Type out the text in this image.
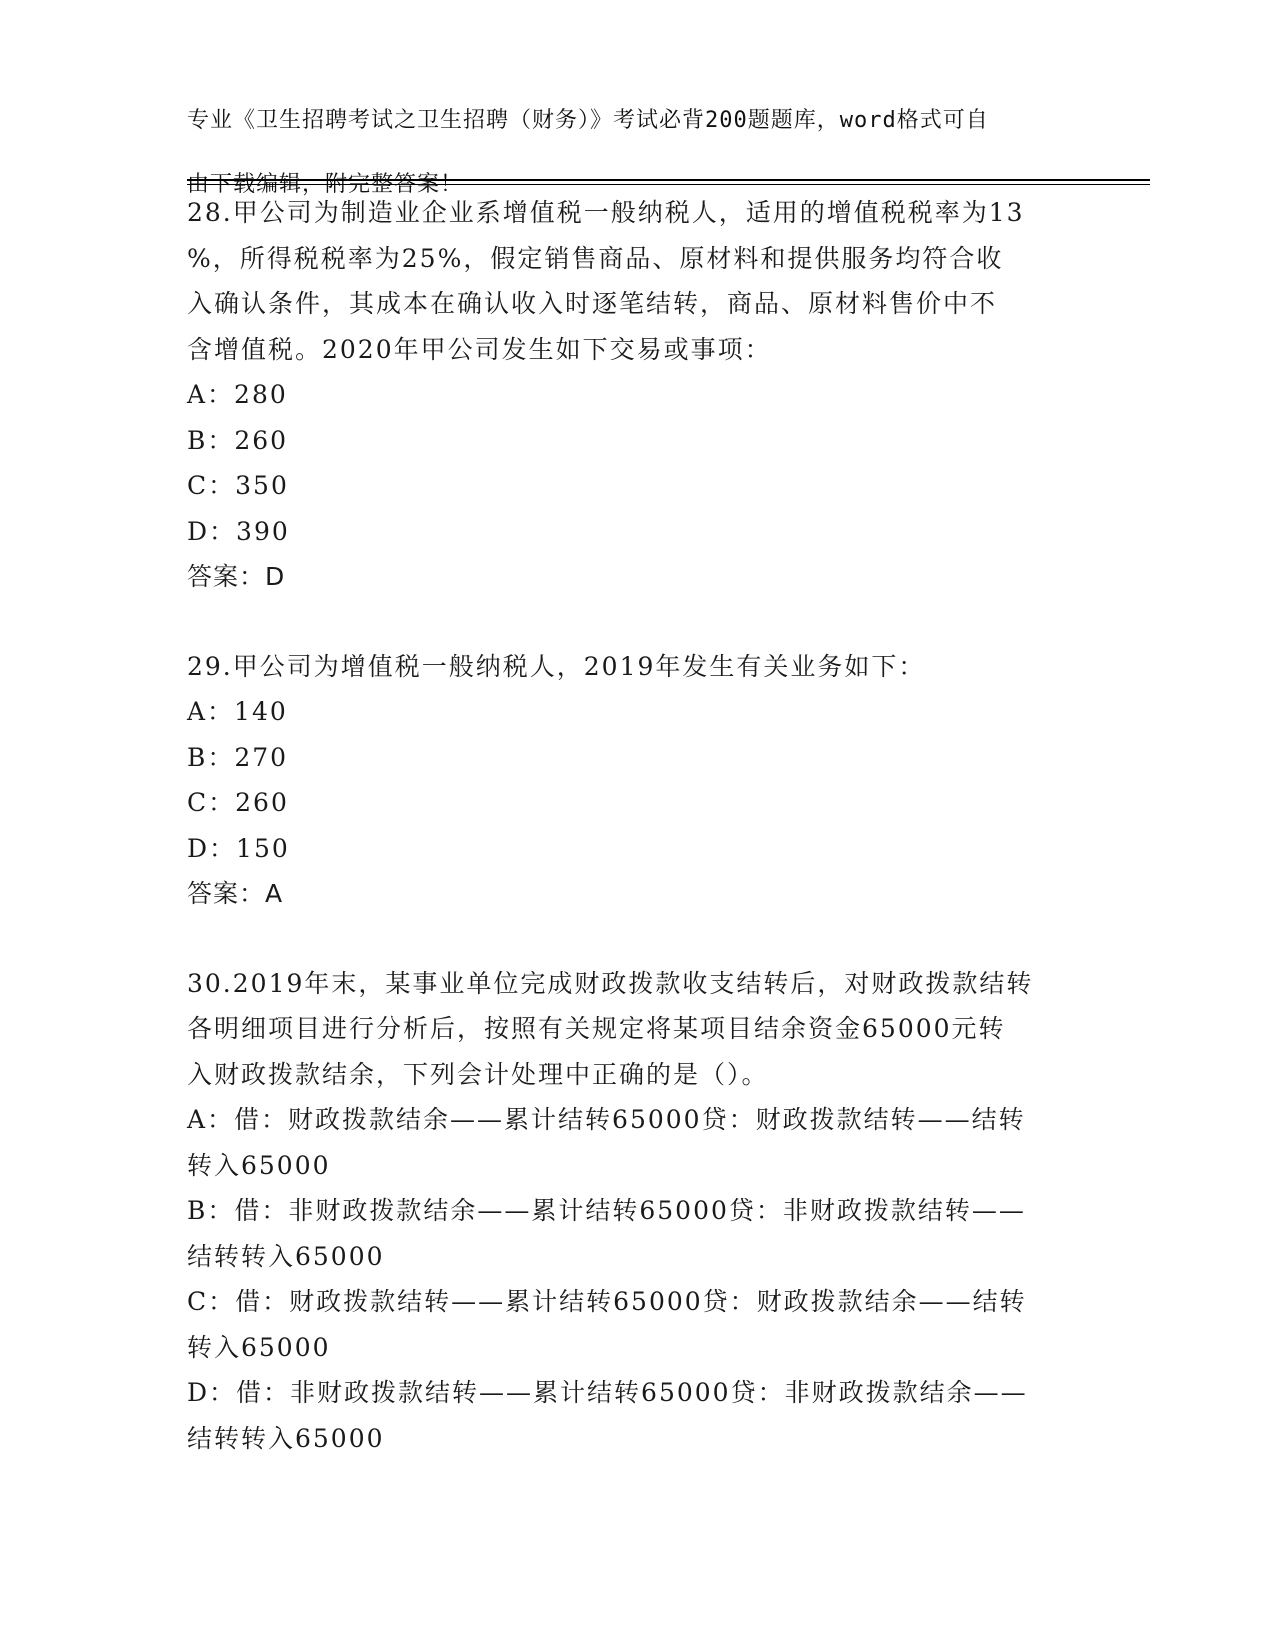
专业《卫生招聘考试之卫生招聘（财务）》考试必背200题题库，word格式可自

由下载编辑，附完整答案！

28.甲公司为制造业企业系增值税一般纳税人，适用的增值税税率为13
%，所得税税率为25%，假定销售商品、原材料和提供服务均符合收
入确认条件，其成本在确认收入时逐笔结转，商品、原材料售价中不
含增值税。2020年甲公司发生如下交易或事项：
A：280
B：260
C：350
D：390
答案：D
29.甲公司为增值税一般纳税人，2019年发生有关业务如下：
A：140
B：270
C：260
D：150
答案：A
30.2019年末，某事业单位完成财政拨款收支结转后，对财政拨款结转
各明细项目进行分析后，按照有关规定将某项目结余资金65000元转
入财政拨款结余，下列会计处理中正确的是（）。
A：借：财政拨款结余——累计结转65000贷：财政拨款结转——结转
转入65000
B：借：非财政拨款结余——累计结转65000贷：非财政拨款结转——
结转转入65000
C：借：财政拨款结转——累计结转65000贷：财政拨款结余——结转
转入65000
D：借：非财政拨款结转——累计结转65000贷：非财政拨款结余——
结转转入65000
